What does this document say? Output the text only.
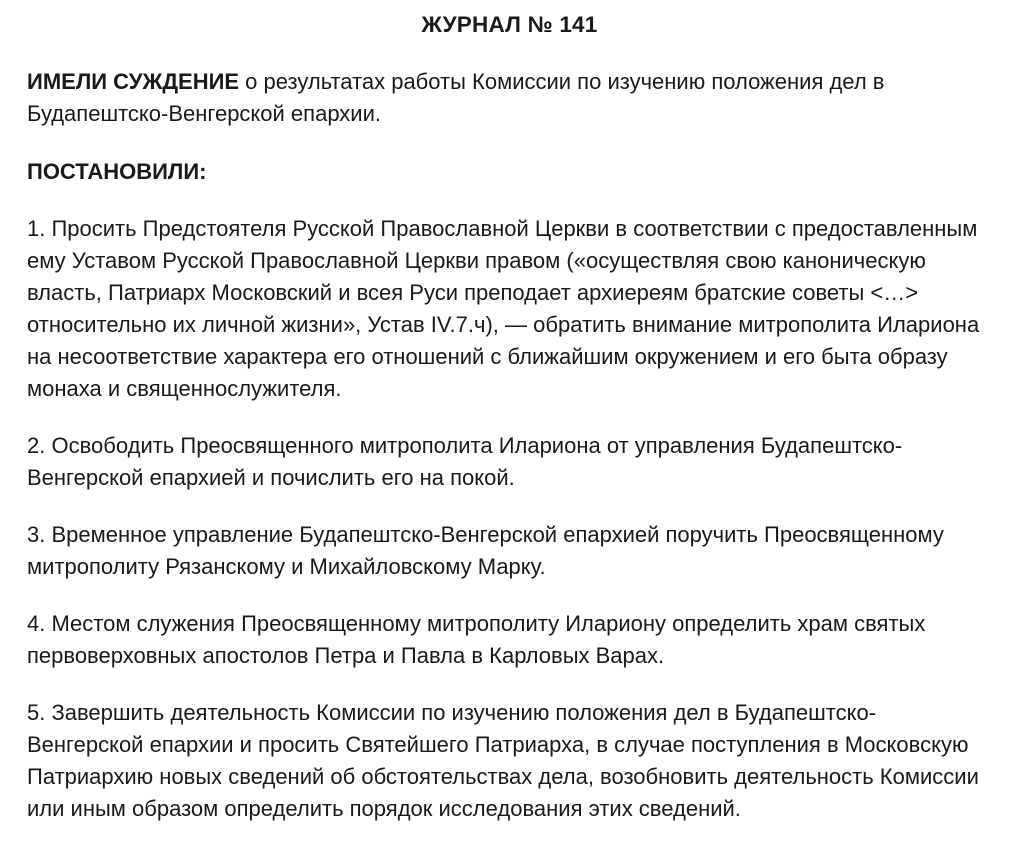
ЖУРНАЛ № 141

ИМЕЛИ СУЖДЕНИЕ о результатах работы Комиссии по изучению положения дел в Будапештско-Венгерской епархии.

ПОСТАНОВИЛИ:

1. Просить Предстоятеля Русской Православной Церкви в соответствии с предоставленным ему Уставом Русской Православной Церкви правом («осуществляя свою каноническую власть, Патриарх Московский и всея Руси преподает архиереям братские советы <…> относительно их личной жизни», Устав IV.7.ч), — обратить внимание митрополита Илариона на несоответствие характера его отношений с ближайшим окружением и его быта образу монаха и священнослужителя.

2. Освободить Преосвященного митрополита Илариона от управления Будапештско-Венгерской епархией и почислить его на покой.

3. Временное управление Будапештско-Венгерской епархией поручить Преосвященному митрополиту Рязанскому и Михайловскому Марку.

4. Местом служения Преосвященному митрополиту Илариону определить храм святых первоверховных апостолов Петра и Павла в Карловых Варах.

5. Завершить деятельность Комиссии по изучению положения дел в Будапештско-Венгерской епархии и просить Святейшего Патриарха, в случае поступления в Московскую Патриархию новых сведений об обстоятельствах дела, возобновить деятельность Комиссии или иным образом определить порядок исследования этих сведений.
